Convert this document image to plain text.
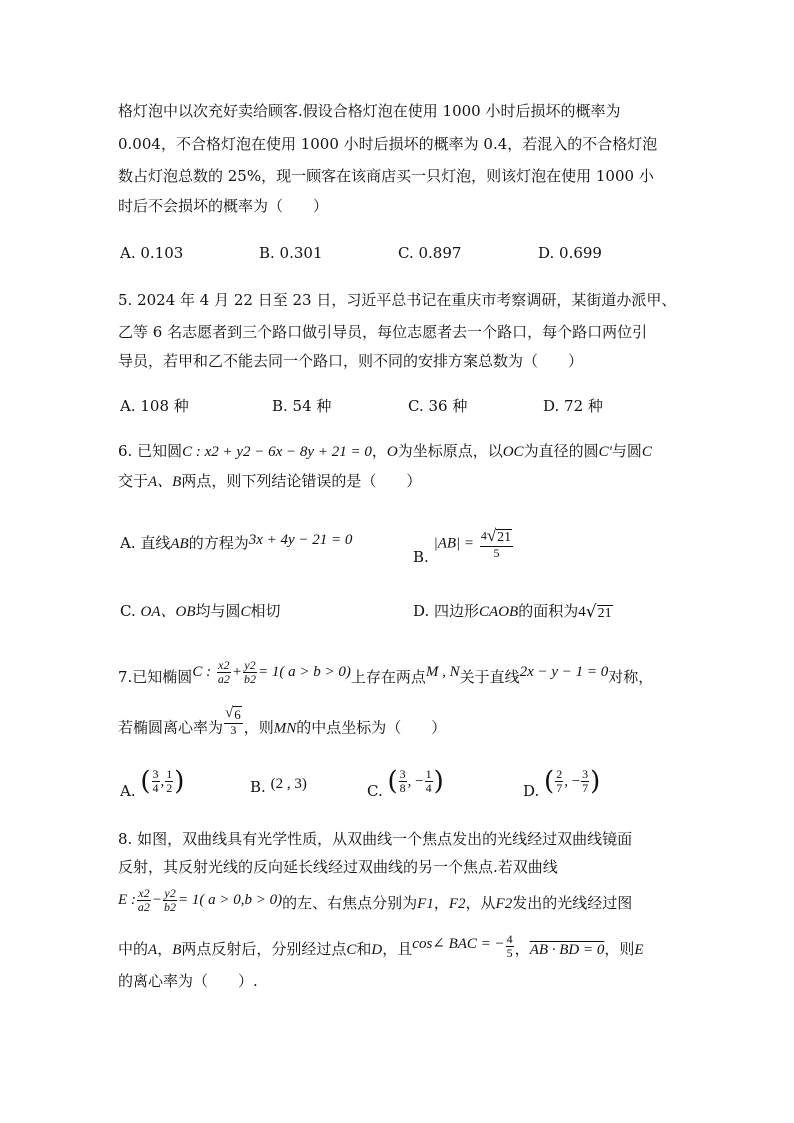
格灯泡中以次充好卖给顾客.假设合格灯泡在使用 1000 小时后损坏的概率为
0.004，不合格灯泡在使用 1000 小时后损坏的概率为 0.4，若混入的不合格灯泡
数占灯泡总数的 25%，现一顾客在该商店买一只灯泡，则该灯泡在使用 1000 小
时后不会损坏的概率为（　　）
A. 0.103	B. 0.301	C. 0.897	D. 0.699
5. 2024 年 4 月 22 日至 23 日，习近平总书记在重庆市考察调研，某街道办派甲、
乙等 6 名志愿者到三个路口做引导员，每位志愿者去一个路口，每个路口两位引
导员，若甲和乙不能去同一个路口，则不同的安排方案总数为（　　）
A. 108 种	B. 54 种	C. 36 种	D. 72 种
6. 已知圆C : x2 + y2 − 6x − 8y + 21 = 0，O为坐标原点，以OC为直径的圆C′与圆C
交于A、B两点，则下列结论错误的是（　　）
A. 直线AB的方程为3x + 4y − 21 = 0
B. $|AB| = \frac{4 √ 21}{5}$
C. OA、OB均与圆C相切	D. 四边形CAOB的面积为4 √ 21
7.已知椭圆C : $\frac{x2}{a2} + \frac{y2}{b2} = 1$( a > b > 0)上存在两点M , N关于直线2x − y − 1 = 0对称，
若椭圆离心率为 $\frac{√ 6}{3}$ ，则MN的中点坐标为（　　）
A. ( $\frac{3}{4}$ , $\frac{1}{2}$ )	B. (2 , 3)	C. ( $\frac{3}{8}$ , − $\frac{1}{4}$ )	D. ( $\frac{2}{7}$ , − $\frac{3}{7}$ )
8. 如图，双曲线具有光学性质，从双曲线一个焦点发出的光线经过双曲线镜面
反射，其反射光线的反向延长线经过双曲线的另一个焦点.若双曲线
E : $\frac{x2}{a2} - \frac{y2}{b2} = 1$( a > 0,b > 0)的左、右焦点分别为F1，F2，从F2发出的光线经过图
中的A，B两点反射后，分别经过点C和D，且cos∠ BAC = − $\frac{4}{5}$ ，AB · BD = 0，则E
的离心率为（　　）.
